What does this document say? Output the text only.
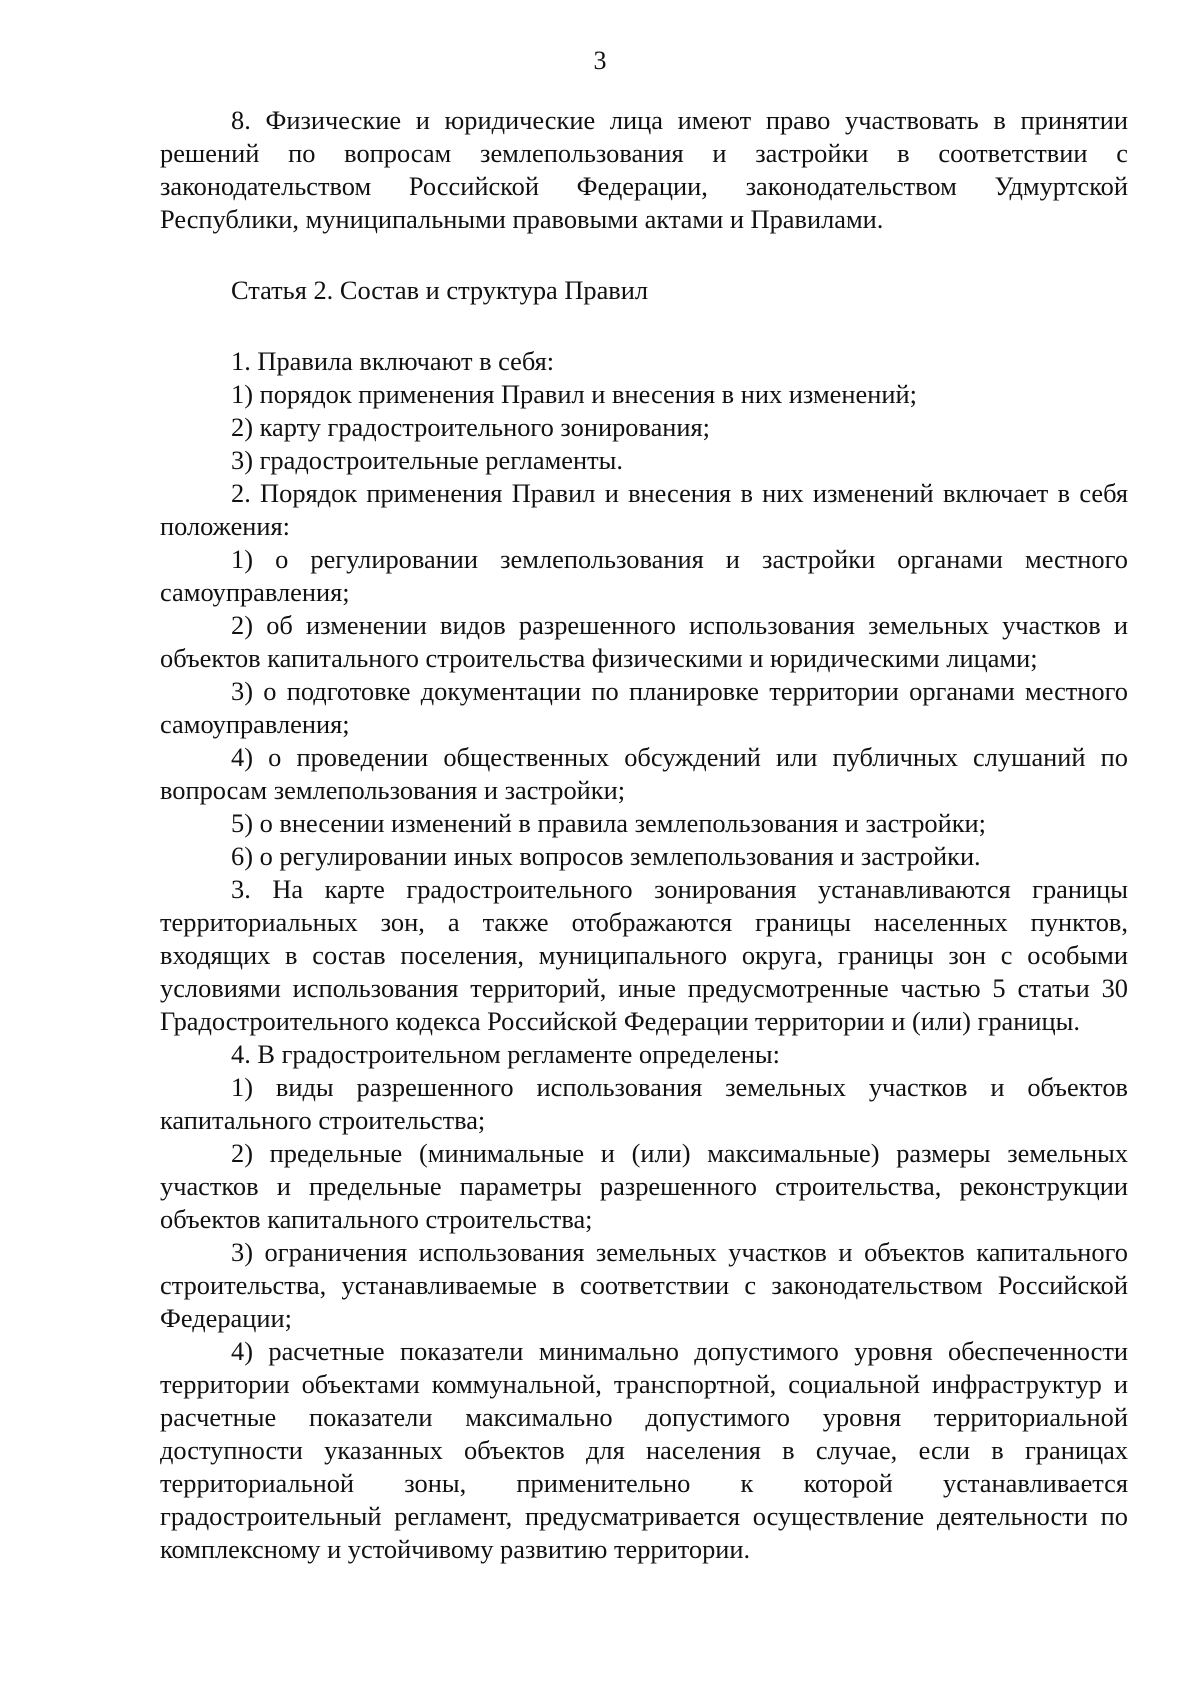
3

8. Физические и юридические лица имеют право участвовать в принятии решений по вопросам землепользования и застройки в соответствии с законодательством Российской Федерации, законодательством Удмуртской Республики, муниципальными правовыми актами и Правилами.

Статья 2. Состав и структура Правил

1. Правила включают в себя:

1) порядок применения Правил и внесения в них изменений;

2) карту градостроительного зонирования;

3) градостроительные регламенты.

2. Порядок применения Правил и внесения в них изменений включает в себя положения:

1) о регулировании землепользования и застройки органами местного самоуправления;

2) об изменении видов разрешенного использования земельных участков и объектов капитального строительства физическими и юридическими лицами;

3) о подготовке документации по планировке территории органами местного самоуправления;

4) о проведении общественных обсуждений или публичных слушаний по вопросам землепользования и застройки;

5) о внесении изменений в правила землепользования и застройки;

6) о регулировании иных вопросов землепользования и застройки.

3. На карте градостроительного зонирования устанавливаются границы территориальных зон, а также отображаются границы населенных пунктов, входящих в состав поселения, муниципального округа, границы зон с особыми условиями использования территорий, иные предусмотренные частью 5 статьи 30 Градостроительного кодекса Российской Федерации территории и (или) границы.

4. В градостроительном регламенте определены:

1) виды разрешенного использования земельных участков и объектов капитального строительства;

2) предельные (минимальные и (или) максимальные) размеры земельных участков и предельные параметры разрешенного строительства, реконструкции объектов капитального строительства;

3) ограничения использования земельных участков и объектов капитального строительства, устанавливаемые в соответствии с законодательством Российской Федерации;

4) расчетные показатели минимально допустимого уровня обеспеченности территории объектами коммунальной, транспортной, социальной инфраструктур и расчетные показатели максимально допустимого уровня территориальной доступности указанных объектов для населения в случае, если в границах территориальной зоны, применительно к которой устанавливается градостроительный регламент, предусматривается осуществление деятельности по комплексному и устойчивому развитию территории.
